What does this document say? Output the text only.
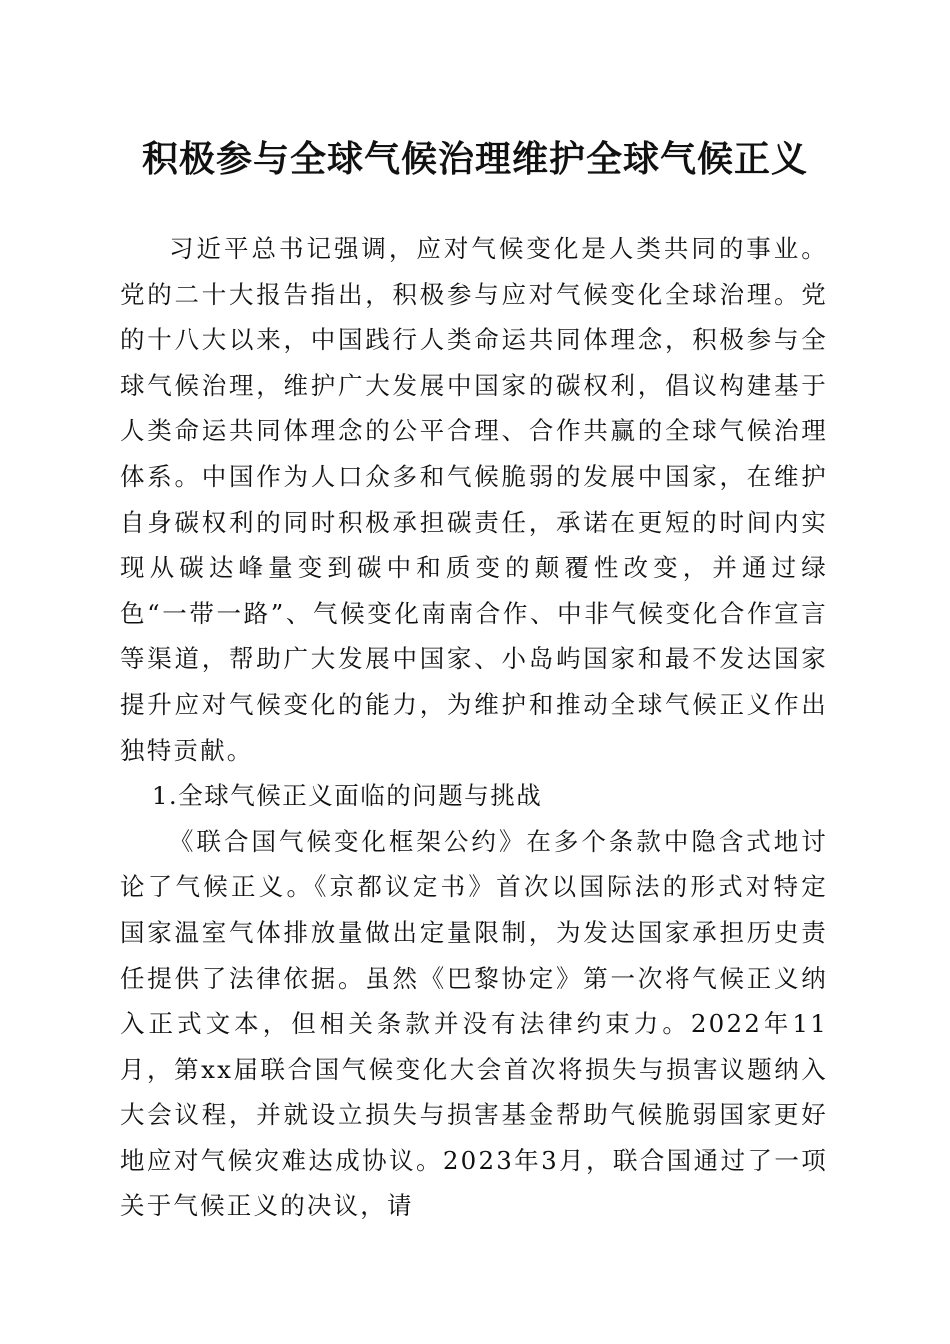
积极参与全球气候治理维护全球气候正义

习近平总书记强调，应对气候变化是人类共同的事业。党的二十大报告指出，积极参与应对气候变化全球治理。党的十八大以来，中国践行人类命运共同体理念，积极参与全球气候治理，维护广大发展中国家的碳权利，倡议构建基于人类命运共同体理念的公平合理、合作共赢的全球气候治理体系。中国作为人口众多和气候脆弱的发展中国家，在维护自身碳权利的同时积极承担碳责任，承诺在更短的时间内实现从碳达峰量变到碳中和质变的颠覆性改变，并通过绿色“一带一路”、气候变化南南合作、中非气候变化合作宣言等渠道，帮助广大发展中国家、小岛屿国家和最不发达国家提升应对气候变化的能力，为维护和推动全球气候正义作出独特贡献。

1.全球气候正义面临的问题与挑战

《联合国气候变化框架公约》在多个条款中隐含式地讨论了气候正义。《京都议定书》首次以国际法的形式对特定国家温室气体排放量做出定量限制，为发达国家承担历史责任提供了法律依据。虽然《巴黎协定》第一次将气候正义纳入正式文本，但相关条款并没有法律约束力。2022年11月，第xx届联合国气候变化大会首次将损失与损害议题纳入大会议程，并就设立损失与损害基金帮助气候脆弱国家更好地应对气候灾难达成协议。2023年3月，联合国通过了一项关于气候正义的决议，请
